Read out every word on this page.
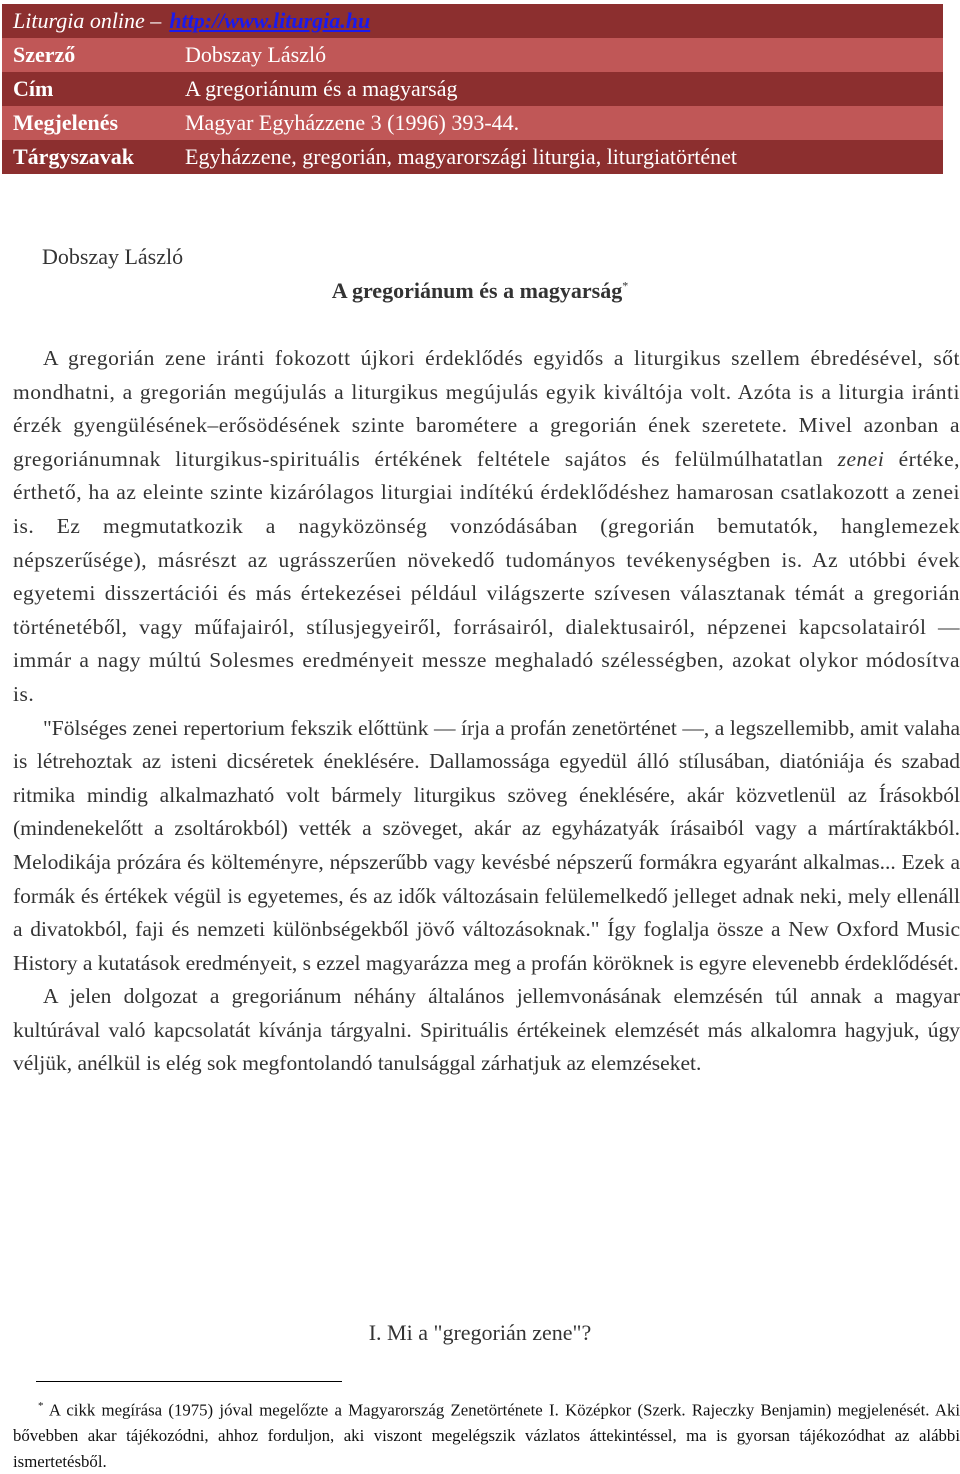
Liturgia online – http://www.liturgia.hu
Szerző	Dobszay László
Cím	A gregoriánum és a magyarság
Megjelenés	Magyar Egyházzene 3 (1996) 393-44.
Tárgyszavak	Egyházzene, gregorián, magyarországi liturgia, liturgiatörténet
Dobszay László
A gregoriánum és a magyarság*

A gregorián zene iránti fokozott újkori érdeklődés egyidős a liturgikus szellem ébredésével, sőt mondhatni, a gregorián megújulás a liturgikus megújulás egyik kiváltója volt. Azóta is a liturgia iránti érzék gyengülésének–erősödésének szinte barométere a gregorián ének szeretete. Mivel azonban a gregoriánumnak liturgikus-spirituális értékének feltétele sajátos és felülmúlhatatlan zenei értéke, érthető, ha az eleinte szinte kizárólagos liturgiai indítékú érdeklődéshez hamarosan csatlakozott a zenei is. Ez megmutatkozik a nagyközönség vonzódásában (gregorián bemutatók, hanglemezek népszerűsége), másrészt az ugrásszerűen növekedő tudományos tevékenységben is. Az utóbbi évek egyetemi disszertációi és más értekezései például világszerte szívesen választanak témát a gregorián történetéből, vagy műfajairól, stílusjegyeiről, forrásairól, dialektusairól, népzenei kapcsolatairól — immár a nagy múltú Solesmes eredményeit messze meghaladó szélességben, azokat olykor módosítva is.

"Fölséges zenei repertorium fekszik előttünk — írja a profán zenetörténet —, a legszellemibb, amit valaha is létrehoztak az isteni dicséretek éneklésére. Dallamossága egyedül álló stílusában, diatóniája és szabad ritmika mindig alkalmazható volt bármely liturgikus szöveg éneklésére, akár közvetlenül az Írásokból (mindenekelőtt a zsoltárokból) vették a szöveget, akár az egyházatyák írásaiból vagy a mártíraktákból. Melodikája prózára és költeményre, népszerűbb vagy kevésbé népszerű formákra egyaránt alkalmas... Ezek a formák és értékek végül is egyetemes, és az idők változásain felülemelkedő jelleget adnak neki, mely ellenáll a divatokból, faji és nemzeti különbségekből jövő változásoknak." Így foglalja össze a New Oxford Music History a kutatások eredményeit, s ezzel magyarázza meg a profán köröknek is egyre elevenebb érdeklődését.

A jelen dolgozat a gregoriánum néhány általános jellemvonásának elemzésén túl annak a magyar kultúrával való kapcsolatát kívánja tárgyalni. Spirituális értékeinek elemzését más alkalomra hagyjuk, úgy véljük, anélkül is elég sok megfontolandó tanulsággal zárhatjuk az elemzéseket.

I. Mi a "gregorián zene"?

* A cikk megírása (1975) jóval megelőzte a Magyarország Zenetörténete I. Középkor (Szerk. Rajeczky Benjamin) megjelenését. Aki bővebben akar tájékozódni, ahhoz forduljon, aki viszont megelégszik vázlatos áttekintéssel, ma is gyorsan tájékozódhat az alábbi ismertetésből.
